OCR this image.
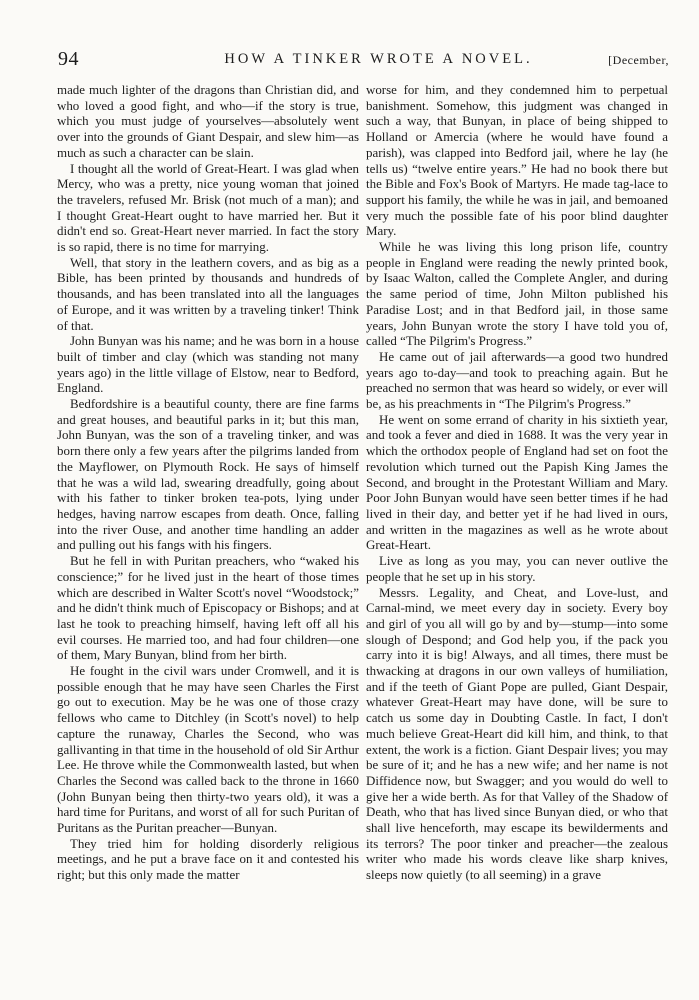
94	HOW A TINKER WROTE A NOVEL.	[December,

made much lighter of the dragons than Christian did, and who loved a good fight, and who—if the story is true, which you must judge of yourselves—absolutely went over into the grounds of Giant Despair, and slew him—as much as such a character can be slain.

I thought all the world of Great-Heart. I was glad when Mercy, who was a pretty, nice young woman that joined the travelers, refused Mr. Brisk (not much of a man); and I thought Great-Heart ought to have married her. But it didn't end so. Great-Heart never married. In fact the story is so rapid, there is no time for marrying.

Well, that story in the leathern covers, and as big as a Bible, has been printed by thousands and hundreds of thousands, and has been translated into all the languages of Europe, and it was written by a traveling tinker! Think of that.

John Bunyan was his name; and he was born in a house built of timber and clay (which was standing not many years ago) in the little village of Elstow, near to Bedford, England.

Bedfordshire is a beautiful county, there are fine farms and great houses, and beautiful parks in it; but this man, John Bunyan, was the son of a traveling tinker, and was born there only a few years after the pilgrims landed from the Mayflower, on Plymouth Rock. He says of himself that he was a wild lad, swearing dreadfully, going about with his father to tinker broken tea-pots, lying under hedges, having narrow escapes from death. Once, falling into the river Ouse, and another time handling an adder and pulling out his fangs with his fingers.

But he fell in with Puritan preachers, who “waked his conscience;” for he lived just in the heart of those times which are described in Walter Scott's novel “Woodstock;” and he didn't think much of Episcopacy or Bishops; and at last he took to preaching himself, having left off all his evil courses. He married too, and had four children—one of them, Mary Bunyan, blind from her birth.

He fought in the civil wars under Cromwell, and it is possible enough that he may have seen Charles the First go out to execution. May be he was one of those crazy fellows who came to Ditchley (in Scott's novel) to help capture the runaway, Charles the Second, who was gallivanting in that time in the household of old Sir Arthur Lee. He throve while the Commonwealth lasted, but when Charles the Second was called back to the throne in 1660 (John Bunyan being then thirty-two years old), it was a hard time for Puritans, and worst of all for such Puritan of Puritans as the Puritan preacher—Bunyan.

They tried him for holding disorderly religious meetings, and he put a brave face on it and contested his right; but this only made the matter

worse for him, and they condemned him to perpetual banishment. Somehow, this judgment was changed in such a way, that Bunyan, in place of being shipped to Holland or Amercia (where he would have found a parish), was clapped into Bedford jail, where he lay (he tells us) “twelve entire years.” He had no book there but the Bible and Fox's Book of Martyrs. He made tag-lace to support his family, the while he was in jail, and bemoaned very much the possible fate of his poor blind daughter Mary.

While he was living this long prison life, country people in England were reading the newly printed book, by Isaac Walton, called the Complete Angler, and during the same period of time, John Milton published his Paradise Lost; and in that Bedford jail, in those same years, John Bunyan wrote the story I have told you of, called “The Pilgrim's Progress.”

He came out of jail afterwards—a good two hundred years ago to-day—and took to preaching again. But he preached no sermon that was heard so widely, or ever will be, as his preachments in “The Pilgrim's Progress.”

He went on some errand of charity in his sixtieth year, and took a fever and died in 1688. It was the very year in which the orthodox people of England had set on foot the revolution which turned out the Papish King James the Second, and brought in the Protestant William and Mary. Poor John Bunyan would have seen better times if he had lived in their day, and better yet if he had lived in ours, and written in the magazines as well as he wrote about Great-Heart.

Live as long as you may, you can never outlive the people that he set up in his story.

Messrs. Legality, and Cheat, and Love-lust, and Carnal-mind, we meet every day in society. Every boy and girl of you all will go by and by—stump—into some slough of Despond; and God help you, if the pack you carry into it is big! Always, and all times, there must be thwacking at dragons in our own valleys of humiliation, and if the teeth of Giant Pope are pulled, Giant Despair, whatever Great-Heart may have done, will be sure to catch us some day in Doubting Castle. In fact, I don't much believe Great-Heart did kill him, and think, to that extent, the work is a fiction. Giant Despair lives; you may be sure of it; and he has a new wife; and her name is not Diffidence now, but Swagger; and you would do well to give her a wide berth. As for that Valley of the Shadow of Death, who that has lived since Bunyan died, or who that shall live henceforth, may escape its bewilderments and its terrors? The poor tinker and preacher—the zealous writer who made his words cleave like sharp knives, sleeps now quietly (to all seeming) in a grave
